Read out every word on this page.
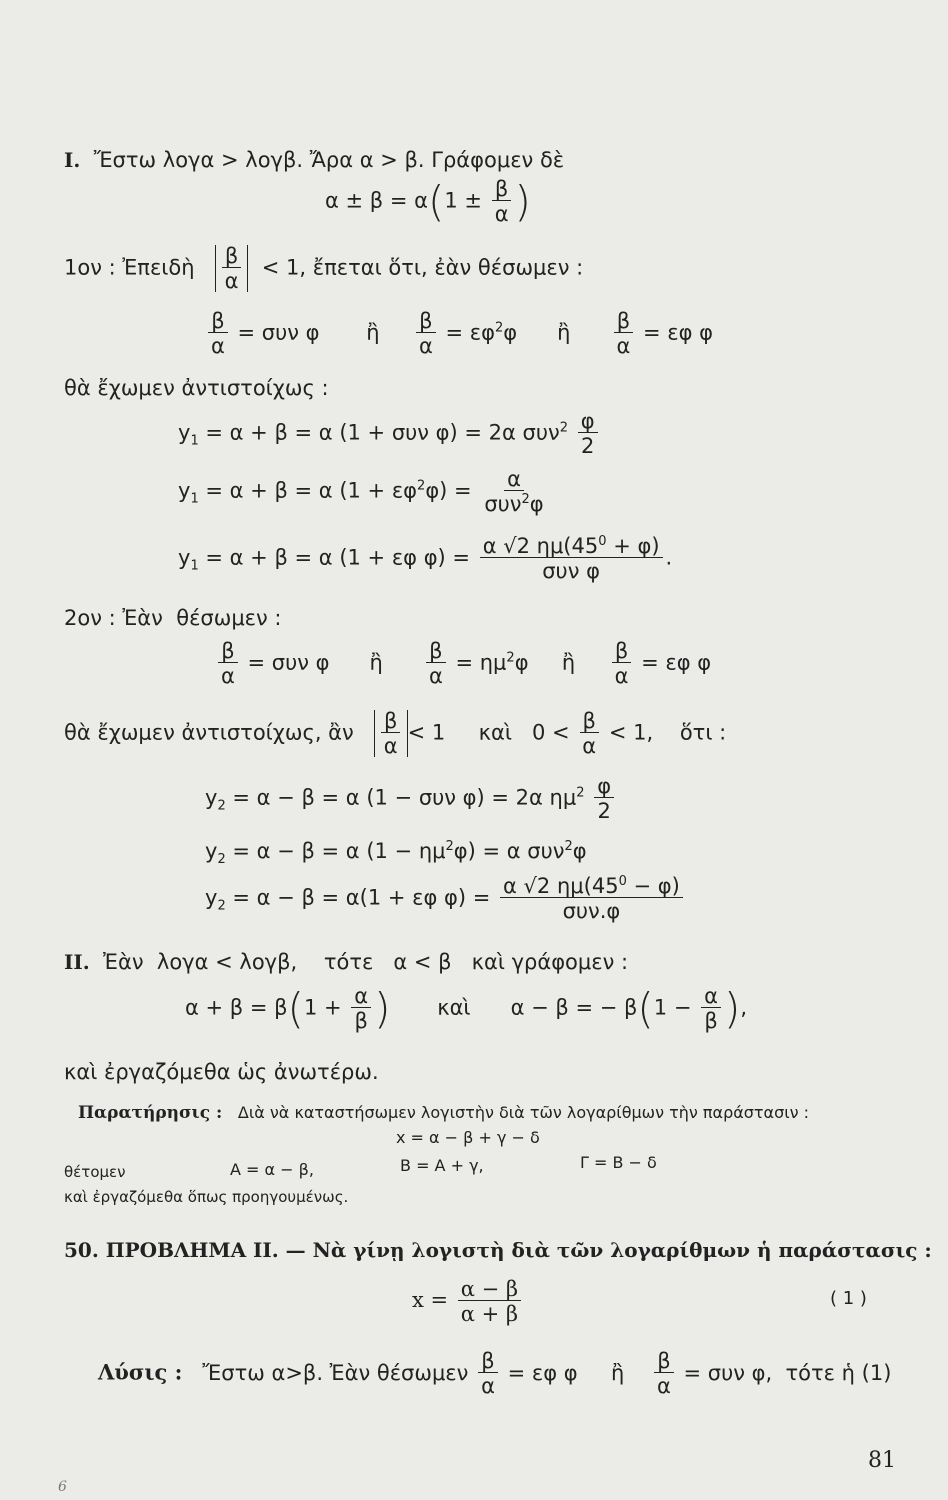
I.  Ἔστω λογα > λογβ. Ἄρα α > β. Γράφομεν δὲ
$\alpha \pm \beta = \alpha(1 \pm \frac{\beta}{\alpha}$ )
1ον : Ἐπειδὴ $\frac{\beta}{\alpha} < 1$, ἔπεται ὅτι, ἐὰν θέσωμεν :
$\frac{\beta}{\alpha} = \sigma\upsilon\nu$ φ       ἢ $\frac{\beta}{\alpha} = \varepsilon\varphi^2\varphi$      ἢ $\frac{\beta}{\alpha} = \varepsilon\varphi$ φ
θὰ ἔχωμεν ἀντιστοίχως :
$y_1 = \alpha + \beta = \alpha$ (1 + συν φ) = 2α $\sigma\upsilon\nu^2 \frac{\varphi}{2}$
$y_1 = \alpha + \beta = \alpha$ $(1 + \varepsilon\varphi^2\varphi) = \frac{\alpha}{\sigma\upsilon\nu^2\varphi}$
$y_1 = \alpha + \beta = \alpha$ (1 + εφ $\varphi) = \frac{\alpha √2 \eta\mu(45^0 + \varphi)}{\text{συν φ}}$ .
2ον : Ἐὰν  θέσωμεν :
$\frac{\beta}{\alpha} = \sigma\upsilon\nu$ φ      ἢ $\frac{\beta}{\alpha} = \eta\mu^2\varphi$     ἢ $\frac{\beta}{\alpha} = \varepsilon\varphi$ φ
θὰ ἔχωμεν ἀντιστοίχως, ἂν $\frac{\beta}{\alpha} < 1$     καὶ   $0 < \frac{\beta}{\alpha} < 1$,    ὅτι :
$y_2 = \alpha - \beta = \alpha$ (1 − συν φ) = 2α $\eta\mu^2 \frac{\varphi}{2}$
$y_2 = \alpha - \beta = \alpha$ $(1 - \eta\mu^2\varphi) = \alpha$ συν$^2$φ
$y_2 = \alpha - \beta = \alpha(1 + \varepsilon\varphi$ $\varphi) = \frac{\alpha √2 \eta\mu(45^0 - \varphi)}{\text{συν.φ}}$
II.  Ἐὰν  λογα < λογβ,    τότε   α < β   καὶ γράφομεν :
$\alpha + \beta = \beta(1 + \frac{\alpha}{\beta}$ )       καὶ      α − β = − $\beta(1 - \frac{\alpha}{\beta}$ ),
καὶ ἐργαζόμεθα ὡς ἀνωτέρω.
Παρατήρησις :   Διὰ νὰ καταστήσωμεν λογιστὴν διὰ τῶν λογαρίθμων τὴν παράστασιν :
x = α − β + γ − δ
θέτομεν	Α = α − β,	Β = Α + γ,	Γ = Β − δ
καὶ ἐργαζόμεθα ὅπως προηγουμένως.
50. ΠΡΟΒΛΗΜΑ ΙΙ. — Νὰ γίνῃ λογιστὴ διὰ τῶν λογαρίθμων ἡ παράστασις :
$x = \frac{\alpha - \beta}{\alpha + \beta}$	( 1 )
Λύσις :   Ἔστω α>β. Ἐὰν θέσωμεν $\frac{\beta}{\alpha} = \varepsilon\varphi$ φ     ἢ $\frac{\beta}{\alpha} = \sigma\upsilon\nu$ φ,  τότε ἡ (1)
81
6
